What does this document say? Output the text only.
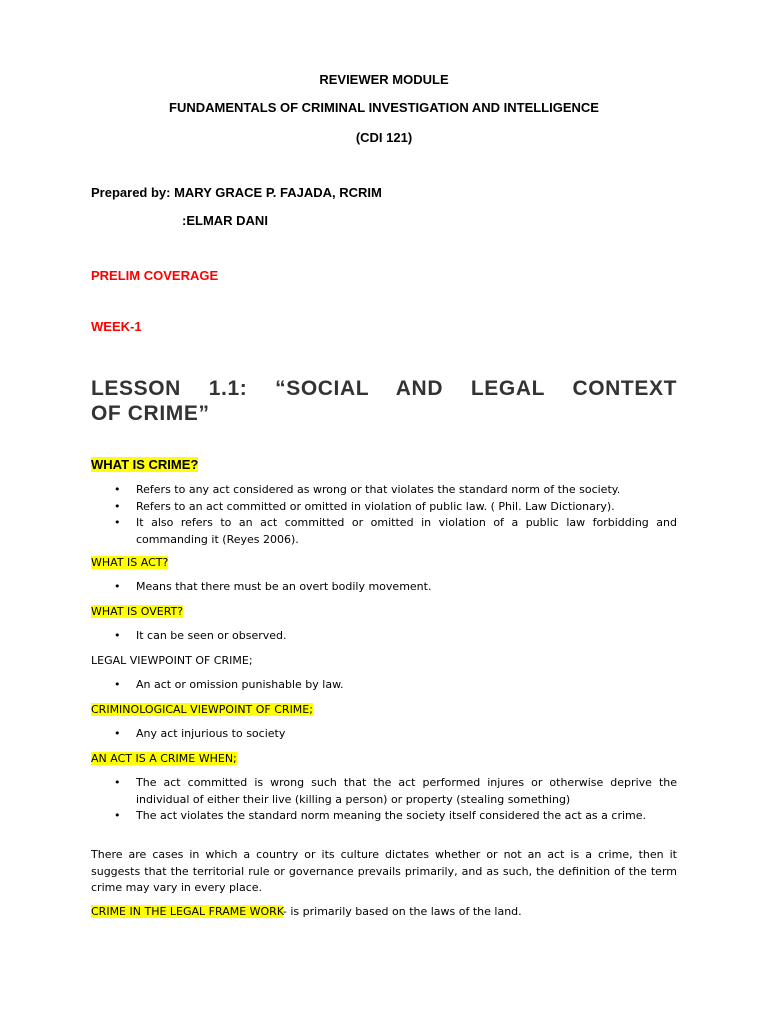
REVIEWER MODULE
FUNDAMENTALS OF CRIMINAL INVESTIGATION AND INTELLIGENCE
(CDI 121)
Prepared by: MARY GRACE P. FAJADA, RCRIM
:ELMAR DANI
PRELIM COVERAGE
WEEK-1
LESSON 1.1: “SOCIAL AND LEGAL CONTEXT
OF CRIME”
WHAT IS CRIME?
• Refers to any act considered as wrong or that violates the standard norm of the society.
• Refers to an act committed or omitted in violation of public law. ( Phil. Law Dictionary).
• It also refers to an act committed or omitted in violation of a public law forbidding and commanding it (Reyes 2006).
WHAT IS ACT?
• Means that there must be an overt bodily movement.
WHAT IS OVERT?
• It can be seen or observed.
LEGAL VIEWPOINT OF CRIME;
• An act or omission punishable by law.
CRIMINOLOGICAL VIEWPOINT OF CRIME;
• Any act injurious to society
AN ACT IS A CRIME WHEN;
• The act committed is wrong such that the act performed injures or otherwise deprive the individual of either their live (killing a person) or property (stealing something)
• The act violates the standard norm meaning the society itself considered the act as a crime.
There are cases in which a country or its culture dictates whether or not an act is a crime, then it suggests that the territorial rule or governance prevails primarily, and as such, the definition of the term crime may vary in every place.
CRIME IN THE LEGAL FRAME WORK- is primarily based on the laws of the land.
